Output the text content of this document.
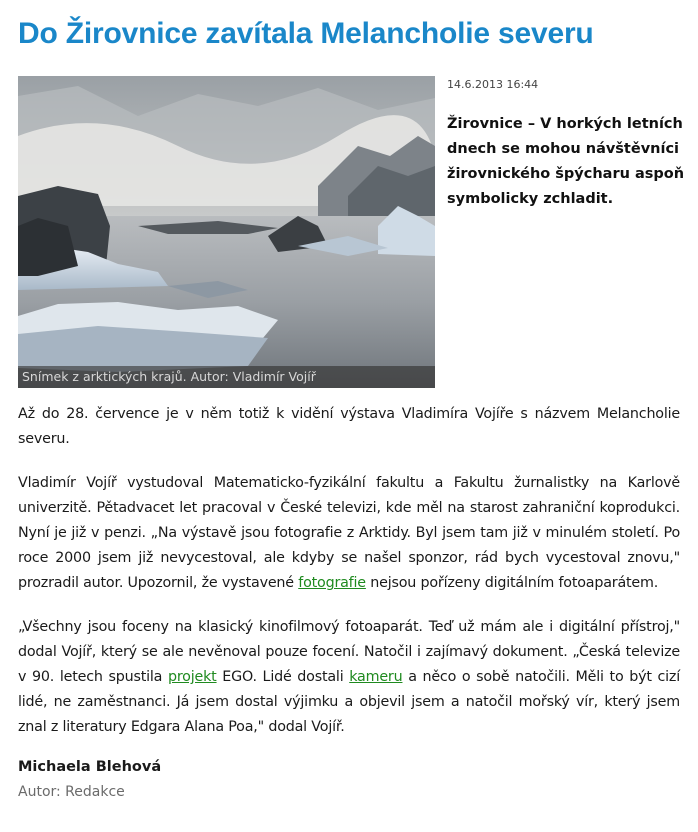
Do Žirovnice zavítala Melancholie severu
Snímek z arktických krajů. Autor: Vladimír Vojíř
14.6.2013 16:44
Žirovnice – V horkých letních dnech se mohou návštěvníci žirovnického špýcharu aspoň symbolicky zchladit.

Až do 28. července je v něm totiž k vidění výstava Vladimíra Vojíře s názvem Melancholie severu.

Vladimír Vojíř vystudoval Matematicko-fyzikální fakultu a Fakultu žurnalistky na Karlově univerzitě. Pětadvacet let pracoval v České televizi, kde měl na starost zahraniční koprodukci. Nyní je již v penzi. „Na výstavě jsou fotografie z Arktidy. Byl jsem tam již v minulém století. Po roce 2000 jsem již nevycestoval, ale kdyby se našel sponzor, rád bych vycestoval znovu," prozradil autor. Upozornil, že vystavené fotografie nejsou pořízeny digitálním fotoaparátem.

„Všechny jsou foceny na klasický kinofilmový fotoaparát. Teď už mám ale i digitální přístroj," dodal Vojíř, který se ale nevěnoval pouze focení. Natočil i zajímavý dokument. „Česká televize v 90. letech spustila projekt EGO. Lidé dostali kameru a něco o sobě natočili. Měli to být cizí lidé, ne zaměstnanci. Já jsem dostal výjimku a objevil jsem a natočil mořský vír, který jsem znal z literatury Edgara Alana Poa," dodal Vojíř.

Michaela Blehová
Autor: Redakce
